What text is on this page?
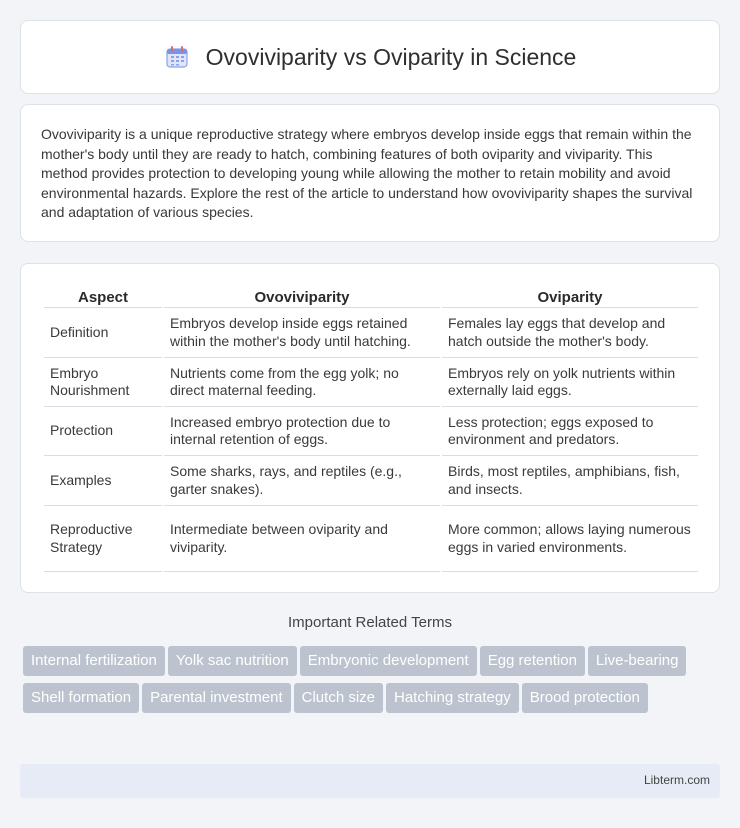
Ovoviviparity vs Oviparity in Science

Ovoviviparity is a unique reproductive strategy where embryos develop inside eggs that remain within the mother's body until they are ready to hatch, combining features of both oviparity and viviparity. This method provides protection to developing young while allowing the mother to retain mobility and avoid environmental hazards. Explore the rest of the article to understand how ovoviviparity shapes the survival and adaptation of various species.

Aspect	Ovoviviparity	Oviparity
Definition	Embryos develop inside eggs retained within the mother's body until hatching.	Females lay eggs that develop and hatch outside the mother's body.
Embryo Nourishment	Nutrients come from the egg yolk; no direct maternal feeding.	Embryos rely on yolk nutrients within externally laid eggs.
Protection	Increased embryo protection due to internal retention of eggs.	Less protection; eggs exposed to environment and predators.
Examples	Some sharks, rays, and reptiles (e.g., garter snakes).	Birds, most reptiles, amphibians, fish, and insects.
Reproductive Strategy	Intermediate between oviparity and viviparity.	More common; allows laying numerous eggs in varied environments.
Important Related Terms
Internal fertilization	Yolk sac nutrition	Embryonic development	Egg retention	Live-bearing
Shell formation	Parental investment	Clutch size	Hatching strategy	Brood protection
Libterm.com
